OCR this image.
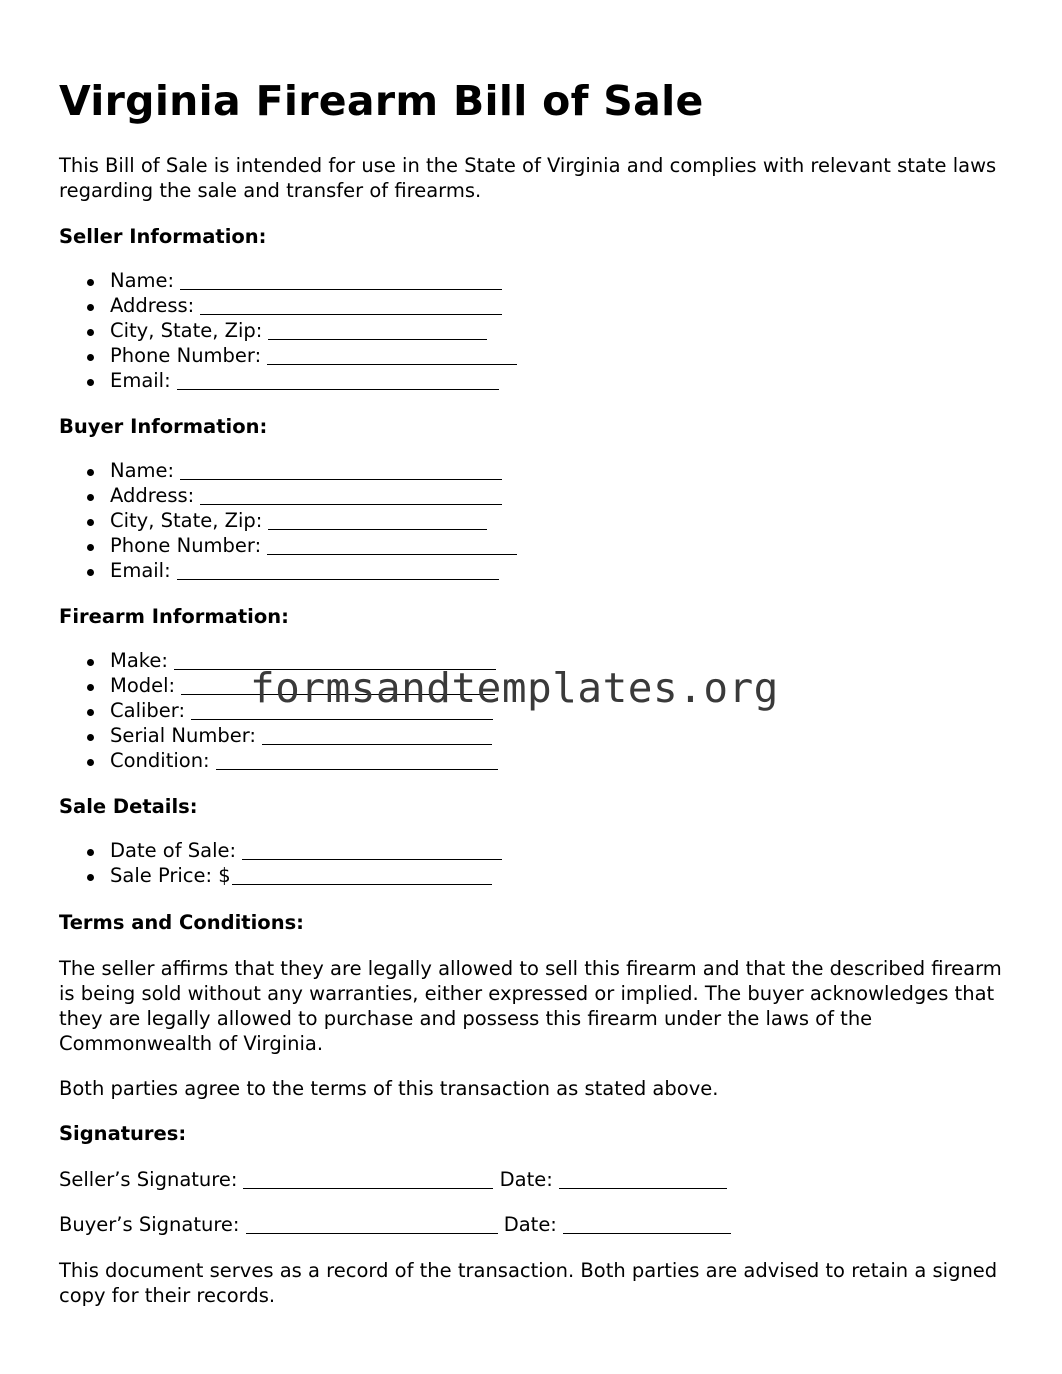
Virginia Firearm Bill of Sale

This Bill of Sale is intended for use in the State of Virginia and complies with relevant state laws regarding the sale and transfer of firearms.

Seller Information:
Name:
Address:
City, State, Zip:
Phone Number:
Email:
Buyer Information:
Name:
Address:
City, State, Zip:
Phone Number:
Email:
Firearm Information:
Make:
Model:
Caliber:
Serial Number:
Condition:
Sale Details:
Date of Sale:
Sale Price: $
Terms and Conditions:

The seller affirms that they are legally allowed to sell this firearm and that the described firearm is being sold without any warranties, either expressed or implied. The buyer acknowledges that they are legally allowed to purchase and possess this firearm under the laws of the Commonwealth of Virginia.

Both parties agree to the terms of this transaction as stated above.

Signatures:
Seller’s Signature:	Date:
Buyer’s Signature:	Date:

This document serves as a record of the transaction. Both parties are advised to retain a signed copy for their records.

formsandtemplates.org
